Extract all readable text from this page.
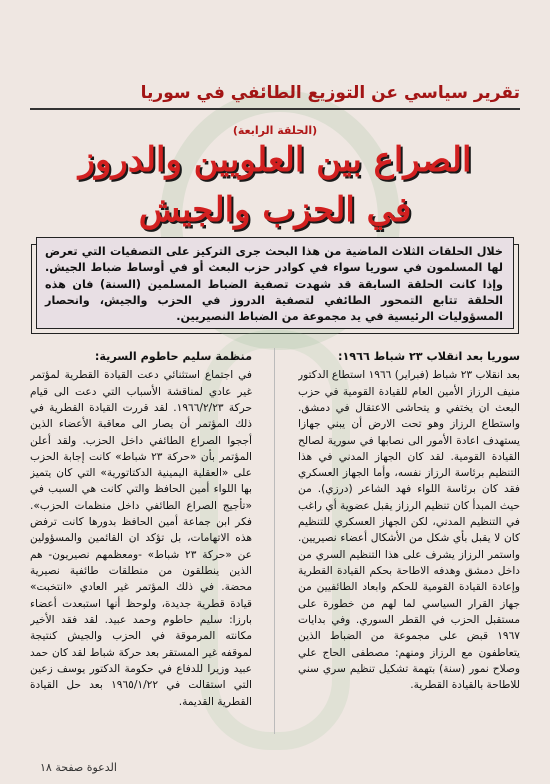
تقرير سياسي عن التوزيع الطائفي في سوريا
(الحلقة الرابعة)
الصراع بين العلويين والدروز
في الحزب والجيش
خلال الحلقات الثلاث الماضية من هذا البحث جرى التركيز على التصفيات التي تعرض لها المسلمون في سوريا سواء في كوادر حزب البعث أو في أوساط ضباط الجيش. وإذا كانت الحلقة السابقة قد شهدت تصفية الضباط المسلمين (السنة) فان هذه الحلقة تتابع التمحور الطائفي لتصفية الدروز في الحزب والجيش، وانحصار المسؤوليات الرئيسية في يد مجموعة من الضباط النصيريين.

سوريا بعد انقلاب ٢٣ شباط ١٩٦٦:

بعد انقلاب ٢٣ شباط (فبراير) ١٩٦٦ استطاع الدكتور منيف الرزاز الأمين العام للقيادة القومية في حزب البعث ان يختفي و يتحاشى الاعتقال في دمشق. واستطاع الرزاز وهو تحت الارض أن يبني جهازا يستهدف اعادة الأمور الى نصابها في سورية لصالح القيادة القومية. لقد كان الجهاز المدني في هذا التنظيم برئاسة الرزاز نفسه، وأما الجهاز العسكري فقد كان برئاسة اللواء فهد الشاعر (درزي). من حيث المبدأ كان تنظيم الرزاز يقبل عضوية أي راغب في التنظيم المدني، لكن الجهاز العسكري للتنظيم كان لا يقبل بأي شكل من الأشكال أعضاء نصيريين. واستمر الرزاز يشرف على هذا التنظيم السري من داخل دمشق وهدفه الاطاحة بحكم القيادة القطرية وإعادة القيادة القومية للحكم وابعاد الطائفيين من جهاز القرار السياسي لما لهم من خطورة على مستقبل الحزب في القطر السوري. وفي بدايات ١٩٦٧ قبض على مجموعة من الضباط الذين يتعاطفون مع الرزاز ومنهم: مصطفى الحاج علي وصلاح نمور (سنة) بتهمة تشكيل تنظيم سري سني للاطاحة بالقيادة القطرية.

منظمة سليم حاطوم السرية:

في اجتماع استثنائي دعت القيادة القطرية لمؤتمر غير عادي لمناقشة الأسباب التي دعت الى قيام حركة ١٩٦٦/٢/٢٣. لقد قررت القيادة القطرية في ذلك المؤتمر أن يصار الى معاقبة الأعضاء الذين أججوا الصراع الطائفي داخل الحزب. ولقد أعلن المؤتمر بأن «حركة ٢٣ شباط» كانت إجابة الحزب على «العقلية اليمينية الدكتاتورية» التي كان يتميز بها اللواء أمين الحافظ والتي كانت هي السبب في «تأجيج الصراع الطائفي داخل منظمات الحزب». فكر ابن جماعة أمين الحافظ بدورها كانت ترفض هذه الاتهامات، بل تؤكد ان القائمين والمسؤولين عن «حركة ٢٣ شباط» -ومعظمهم نصيريون- هم الذين ينطلقون من منطلقات طائفية نصيرية محضة. في ذلك المؤتمر غير العادي «انتخبت» قيادة قطرية جديدة، ولوحظ أنها استبعدت أعضاء بارزا: سليم حاطوم وحمد عبيد. لقد فقد الأخير مكانته المرموقة في الحزب والجيش كنتيجة لموقفه غير المستقر بعد حركة شباط لقد كان حمد عبيد وزيرا للدفاع في حكومة الدكتور يوسف زعين التي استقالت في ١٩٦٥/١/٢٢ بعد حل القيادة القطرية القديمة.

الدعوة صفحة ١٨
